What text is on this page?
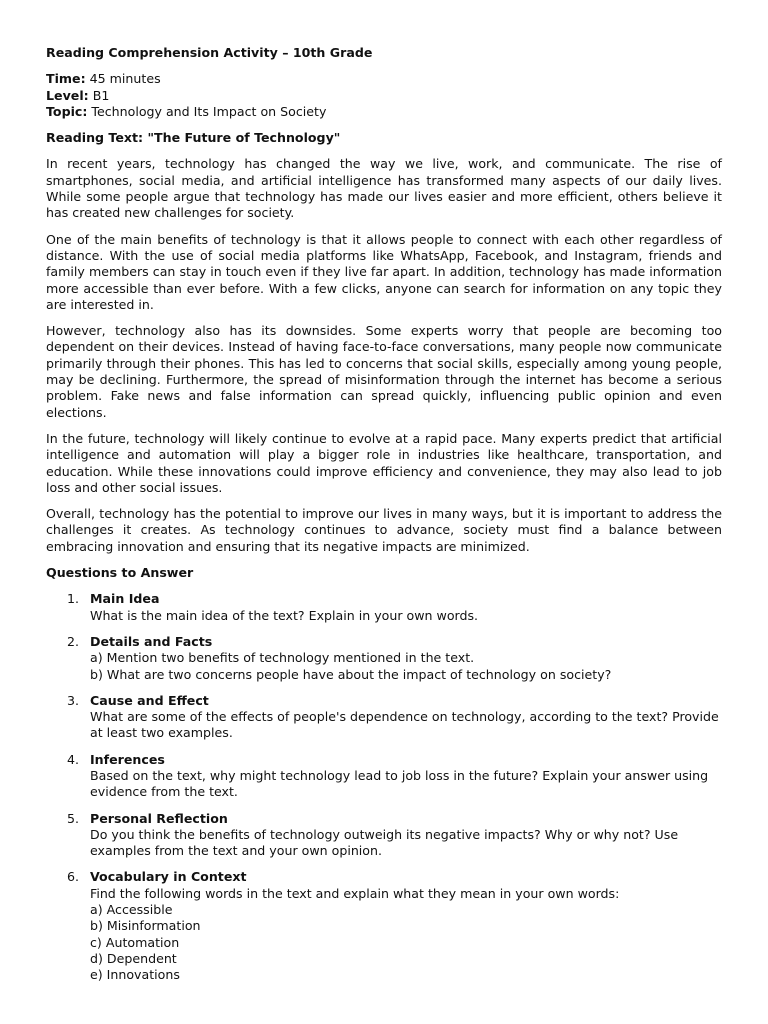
Reading Comprehension Activity – 10th Grade

Time: 45 minutes

Level: B1

Topic: Technology and Its Impact on Society

Reading Text: "The Future of Technology"

In recent years, technology has changed the way we live, work, and communicate. The rise of smartphones, social media, and artificial intelligence has transformed many aspects of our daily lives. While some people argue that technology has made our lives easier and more efficient, others believe it has created new challenges for society.

One of the main benefits of technology is that it allows people to connect with each other regardless of distance. With the use of social media platforms like WhatsApp, Facebook, and Instagram, friends and family members can stay in touch even if they live far apart. In addition, technology has made information more accessible than ever before. With a few clicks, anyone can search for information on any topic they are interested in.

However, technology also has its downsides. Some experts worry that people are becoming too dependent on their devices. Instead of having face-to-face conversations, many people now communicate primarily through their phones. This has led to concerns that social skills, especially among young people, may be declining. Furthermore, the spread of misinformation through the internet has become a serious problem. Fake news and false information can spread quickly, influencing public opinion and even elections.

In the future, technology will likely continue to evolve at a rapid pace. Many experts predict that artificial intelligence and automation will play a bigger role in industries like healthcare, transportation, and education. While these innovations could improve efficiency and convenience, they may also lead to job loss and other social issues.

Overall, technology has the potential to improve our lives in many ways, but it is important to address the challenges it creates. As technology continues to advance, society must find a balance between embracing innovation and ensuring that its negative impacts are minimized.

Questions to Answer

1. Main Idea
What is the main idea of the text? Explain in your own words.
2. Details and Facts
a) Mention two benefits of technology mentioned in the text.
b) What are two concerns people have about the impact of technology on society?
3. Cause and Effect
What are some of the effects of people's dependence on technology, according to the text? Provide at least two examples.
4. Inferences
Based on the text, why might technology lead to job loss in the future? Explain your answer using evidence from the text.
5. Personal Reflection
Do you think the benefits of technology outweigh its negative impacts? Why or why not? Use examples from the text and your own opinion.
6. Vocabulary in Context
Find the following words in the text and explain what they mean in your own words:
a) Accessible
b) Misinformation
c) Automation
d) Dependent
e) Innovations
